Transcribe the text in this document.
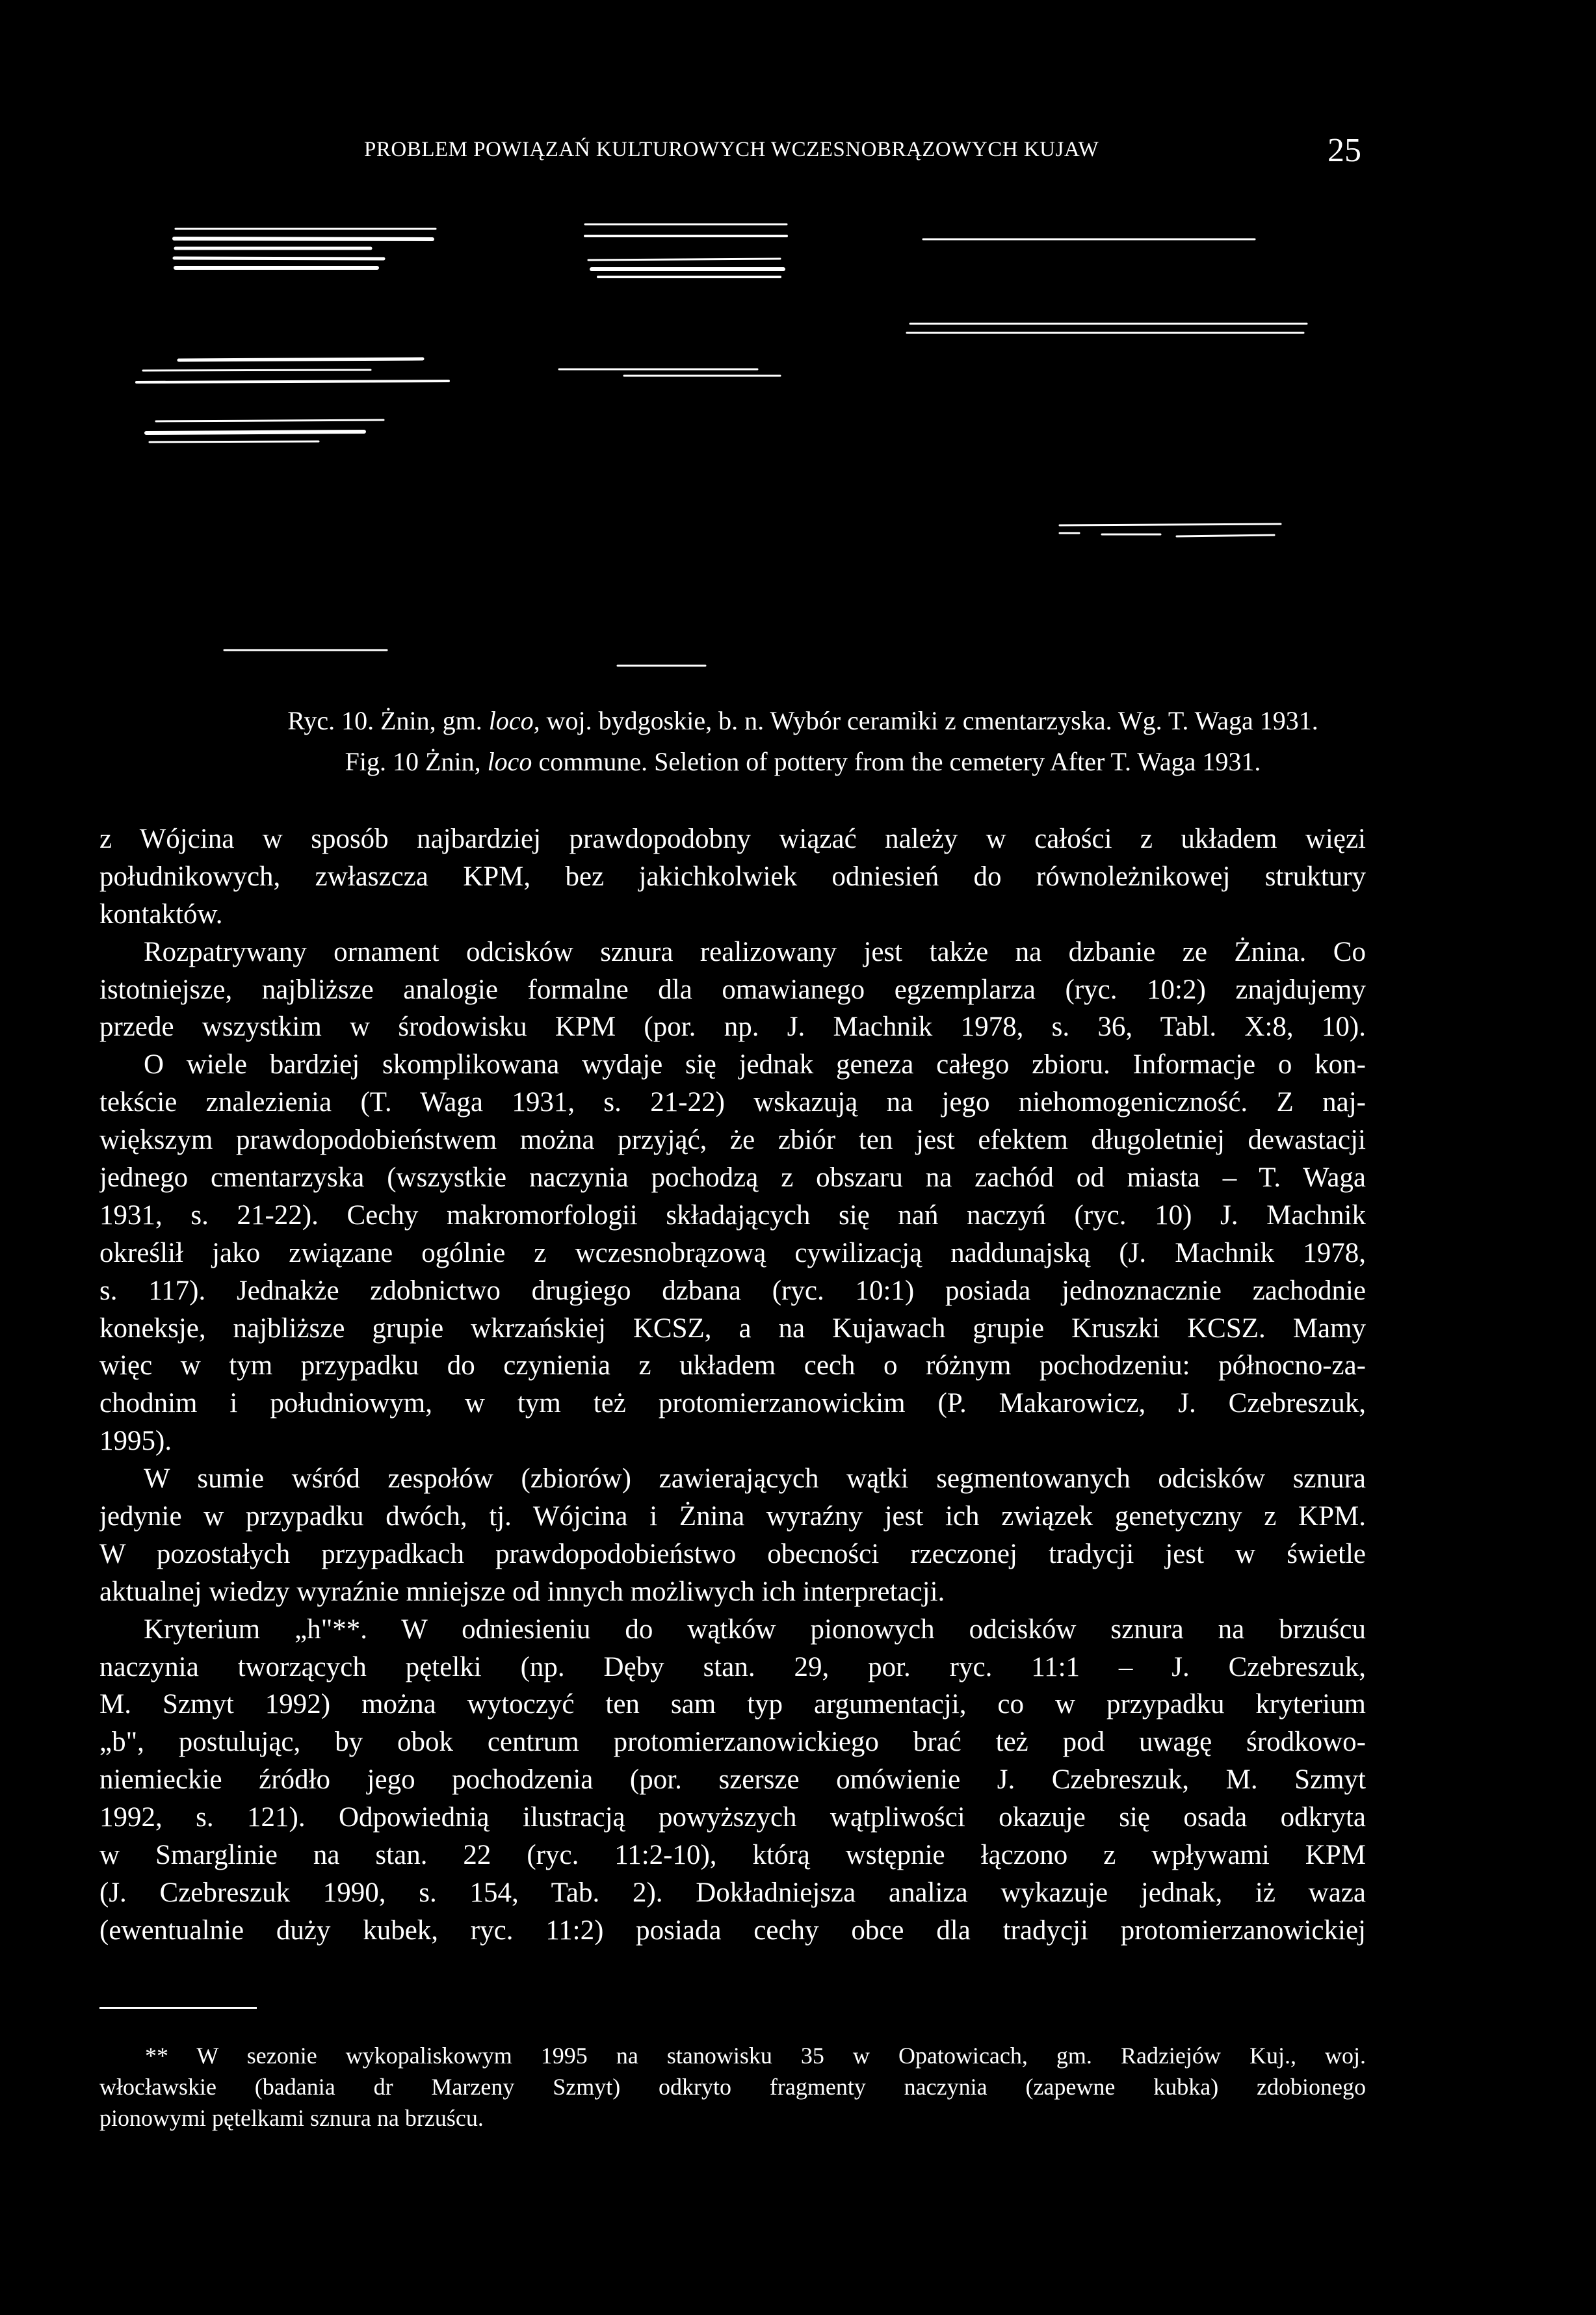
PROBLEM POWIĄZAŃ KULTUROWYCH WCZESNOBRĄZOWYCH KUJAW	25
Ryc. 10. Żnin, gm. loco, woj. bydgoskie, b. n. Wybór ceramiki z cmentarzyska. Wg. T. Waga 1931.
Fig. 10 Żnin, loco commune. Seletion of pottery from the cemetery After T. Waga 1931.
z Wójcina w sposób najbardziej prawdopodobny wiązać należy w całości z układem więzi
południkowych, zwłaszcza KPM, bez jakichkolwiek odniesień do równoleżnikowej struktury
kontaktów.
Rozpatrywany ornament odcisków sznura realizowany jest także na dzbanie ze Żnina. Co
istotniejsze, najbliższe analogie formalne dla omawianego egzemplarza (ryc. 10:2) znajdujemy
przede wszystkim w środowisku KPM (por. np. J. Machnik 1978, s. 36, Tabl. X:8, 10).
O wiele bardziej skomplikowana wydaje się jednak geneza całego zbioru. Informacje o kon-
tekście znalezienia (T. Waga 1931, s. 21-22) wskazują na jego niehomogeniczność. Z naj-
większym prawdopodobieństwem można przyjąć, że zbiór ten jest efektem długoletniej dewastacji
jednego cmentarzyska (wszystkie naczynia pochodzą z obszaru na zachód od miasta – T. Waga
1931, s. 21-22). Cechy makromorfologii składających się nań naczyń (ryc. 10) J. Machnik
określił jako związane ogólnie z wczesnobrązową cywilizacją naddunajską (J. Machnik 1978,
s. 117). Jednakże zdobnictwo drugiego dzbana (ryc. 10:1) posiada jednoznacznie zachodnie
koneksje, najbliższe grupie wkrzańskiej KCSZ, a na Kujawach grupie Kruszki KCSZ. Mamy
więc w tym przypadku do czynienia z układem cech o różnym pochodzeniu: północno-za-
chodnim i południowym, w tym też protomierzanowickim (P. Makarowicz, J. Czebreszuk,
1995).
W sumie wśród zespołów (zbiorów) zawierających wątki segmentowanych odcisków sznura
jedynie w przypadku dwóch, tj. Wójcina i Żnina wyraźny jest ich związek genetyczny z KPM.
W pozostałych przypadkach prawdopodobieństwo obecności rzeczonej tradycji jest w świetle
aktualnej wiedzy wyraźnie mniejsze od innych możliwych ich interpretacji.
Kryterium „h"**. W odniesieniu do wątków pionowych odcisków sznura na brzuścu
naczynia tworzących pętelki (np. Dęby stan. 29, por. ryc. 11:1 – J. Czebreszuk,
M. Szmyt 1992) można wytoczyć ten sam typ argumentacji, co w przypadku kryterium
„b", postulując, by obok centrum protomierzanowickiego brać też pod uwagę środkowo-
niemieckie źródło jego pochodzenia (por. szersze omówienie J. Czebreszuk, M. Szmyt
1992, s. 121). Odpowiednią ilustracją powyższych wątpliwości okazuje się osada odkryta
w Smarglinie na stan. 22 (ryc. 11:2-10), którą wstępnie łączono z wpływami KPM
(J. Czebreszuk 1990, s. 154, Tab. 2). Dokładniejsza analiza wykazuje jednak, iż waza
(ewentualnie duży kubek, ryc. 11:2) posiada cechy obce dla tradycji protomierzanowickiej
** W sezonie wykopaliskowym 1995 na stanowisku 35 w Opatowicach, gm. Radziejów Kuj., woj.
włocławskie (badania dr Marzeny Szmyt) odkryto fragmenty naczynia (zapewne kubka) zdobionego
pionowymi pętelkami sznura na brzuścu.
